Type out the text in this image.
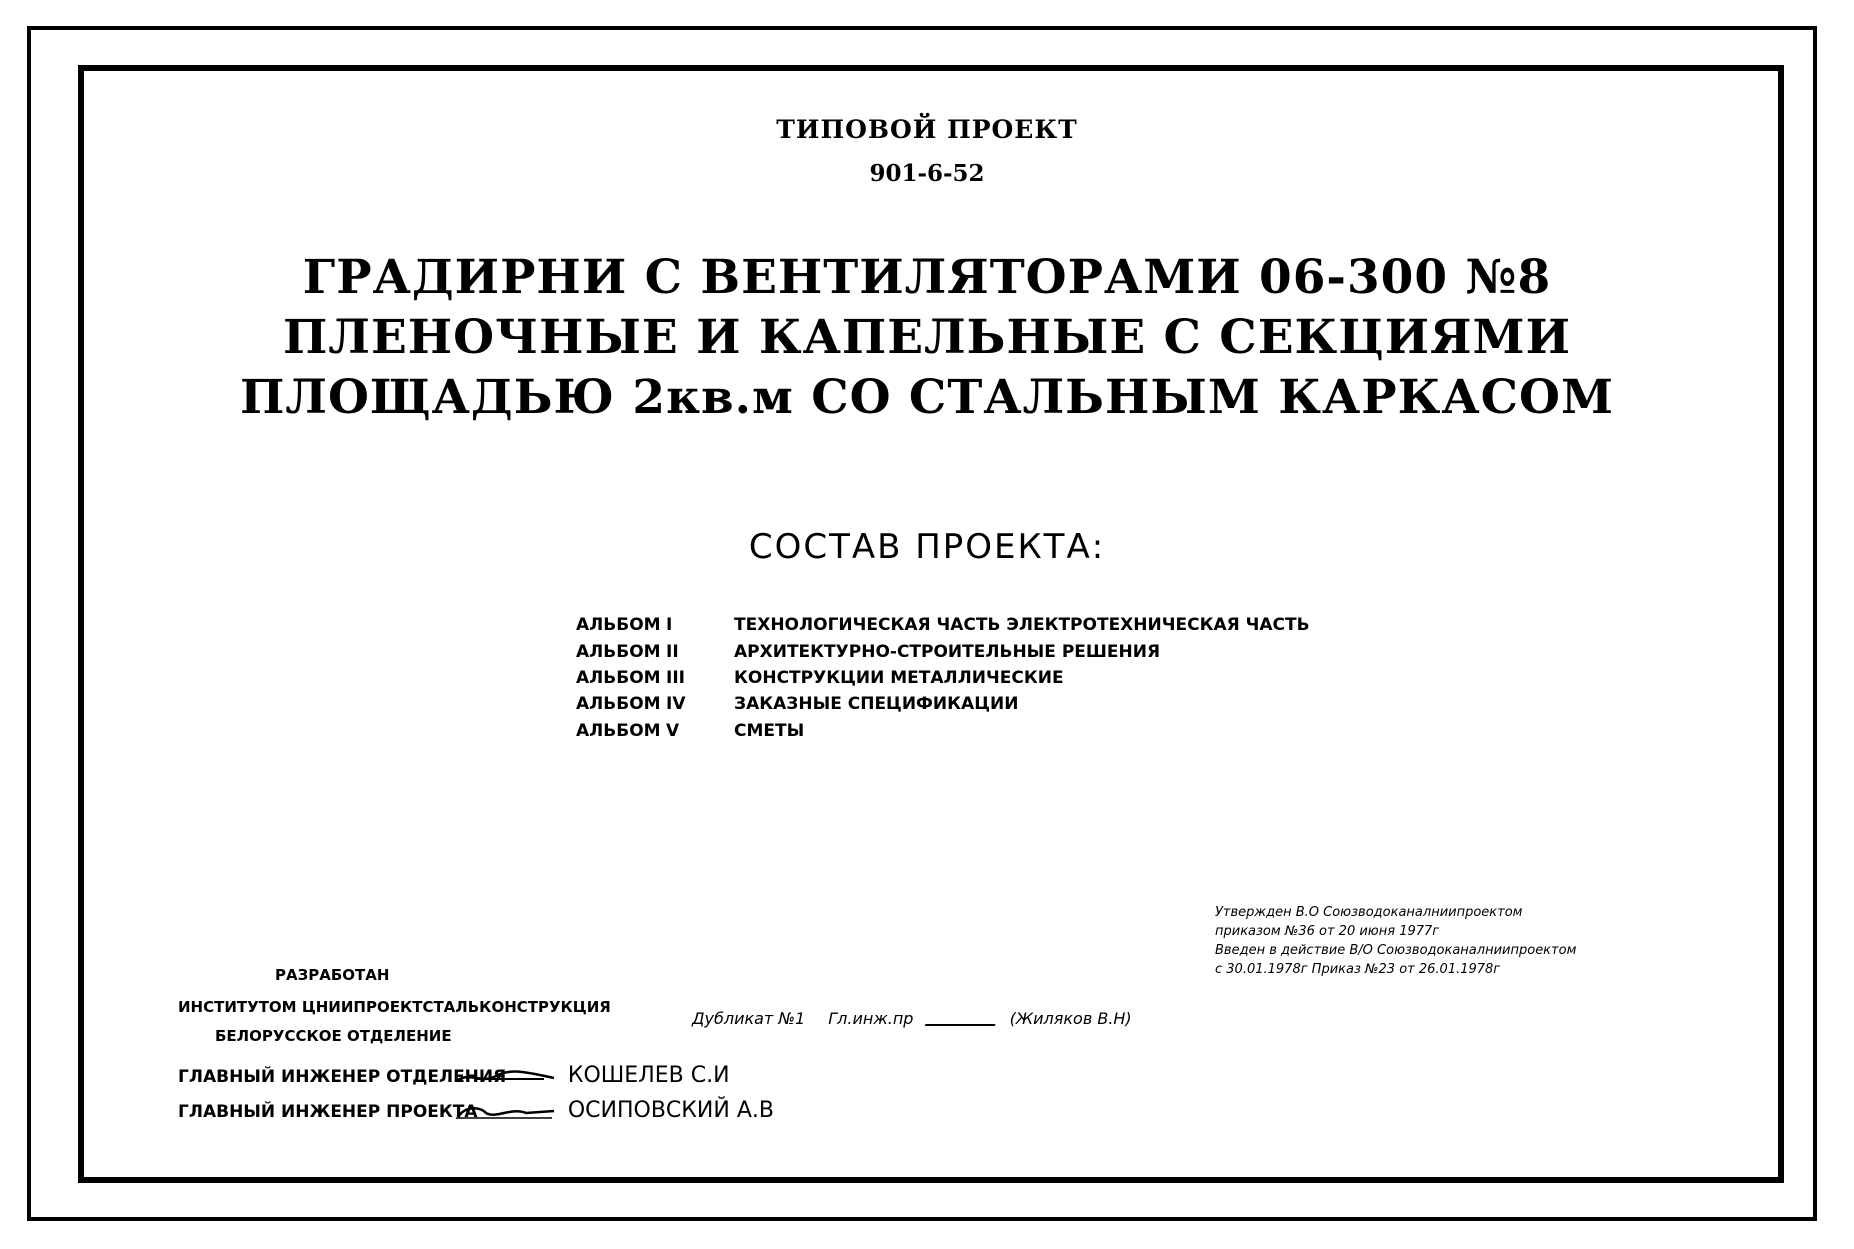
ТИПОВОЙ ПРОЕКТ
901-6-52
ГРАДИРНИ С ВЕНТИЛЯТОРАМИ 06-300 №8
ПЛЕНОЧНЫЕ И КАПЕЛЬНЫЕ С СЕКЦИЯМИ
ПЛОЩАДЬЮ 2кв.м СО СТАЛЬНЫМ КАРКАСОМ
СОСТАВ ПРОЕКТА:
АЛЬБОМ I	ТЕХНОЛОГИЧЕСКАЯ ЧАСТЬ ЭЛЕКТРОТЕХНИЧЕСКАЯ ЧАСТЬ
АЛЬБОМ II	АРХИТЕКТУРНО-СТРОИТЕЛЬНЫЕ РЕШЕНИЯ
АЛЬБОМ III	КОНСТРУКЦИИ МЕТАЛЛИЧЕСКИЕ
АЛЬБОМ IV	ЗАКАЗНЫЕ СПЕЦИФИКАЦИИ
АЛЬБОМ V	СМЕТЫ
Утвержден В.О Союзводоканалниипроектом
приказом №36 от 20 июня 1977г
Введен в действие В/О Союзводоканалниипроектом
с 30.01.1978г Приказ №23 от 26.01.1978г
Дубликат №1 Гл.инж.пр	(Жиляков В.Н)
РАЗРАБОТАН
ИНСТИТУТОМ ЦНИИПРОЕКТСТАЛЬКОНСТРУКЦИЯ
БЕЛОРУССКОЕ ОТДЕЛЕНИЕ
ГЛАВНЫЙ ИНЖЕНЕР ОТДЕЛЕНИЯ	КОШЕЛЕВ С.И
ГЛАВНЫЙ ИНЖЕНЕР ПРОЕКТА	ОСИПОВСКИЙ А.В
